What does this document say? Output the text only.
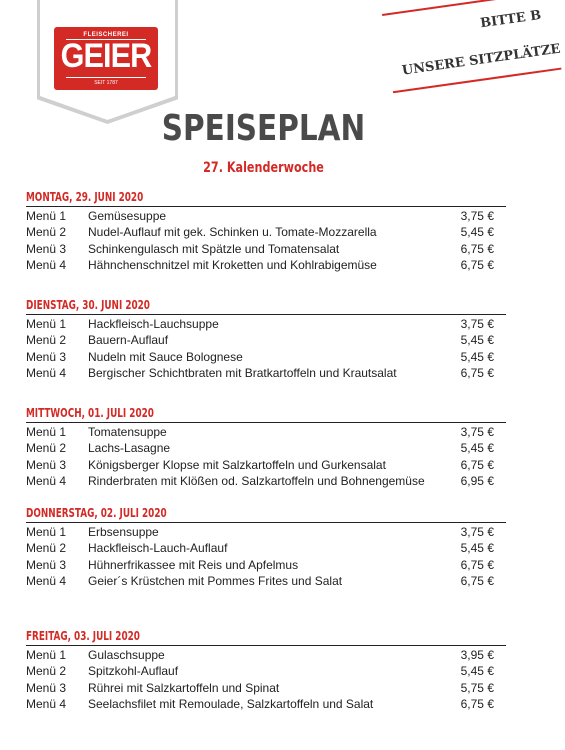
FLEISCHEREI
GEIER
SEIT 1787
BITTE B
UNSERE SITZPLÄTZE
SPEISEPLAN
27. Kalenderwoche
MONTAG, 29. JUNI 2020
Menü 1 Gemüsesuppe	3,75 €
Menü 2 Nudel-Auflauf mit gek. Schinken u. Tomate-Mozzarella	5,45 €
Menü 3 Schinkengulasch mit Spätzle und Tomatensalat	6,75 €
Menü 4 Hähnchenschnitzel mit Kroketten und Kohlrabigemüse	6,75 €
DIENSTAG, 30. JUNI 2020
Menü 1 Hackfleisch-Lauchsuppe	3,75 €
Menü 2 Bauern-Auflauf	5,45 €
Menü 3 Nudeln mit Sauce Bolognese	5,45 €
Menü 4 Bergischer Schichtbraten mit Bratkartoffeln und Krautsalat	6,75 €
MITTWOCH, 01. JULI 2020
Menü 1 Tomatensuppe	3,75 €
Menü 2 Lachs-Lasagne	5,45 €
Menü 3 Königsberger Klopse mit Salzkartoffeln und Gurkensalat	6,75 €
Menü 4 Rinderbraten mit Klößen od. Salzkartoffeln und Bohnengemüse	6,95 €
DONNERSTAG, 02. JULI 2020
Menü 1 Erbsensuppe	3,75 €
Menü 2 Hackfleisch-Lauch-Auflauf	5,45 €
Menü 3 Hühnerfrikassee mit Reis und Apfelmus	6,75 €
Menü 4 Geier´s Krüstchen mit Pommes Frites und Salat	6,75 €
FREITAG, 03. JULI 2020
Menü 1 Gulaschsuppe	3,95 €
Menü 2 Spitzkohl-Auflauf	5,45 €
Menü 3 Rührei mit Salzkartoffeln und Spinat	5,75 €
Menü 4 Seelachsfilet mit Remoulade, Salzkartoffeln und Salat	6,75 €
